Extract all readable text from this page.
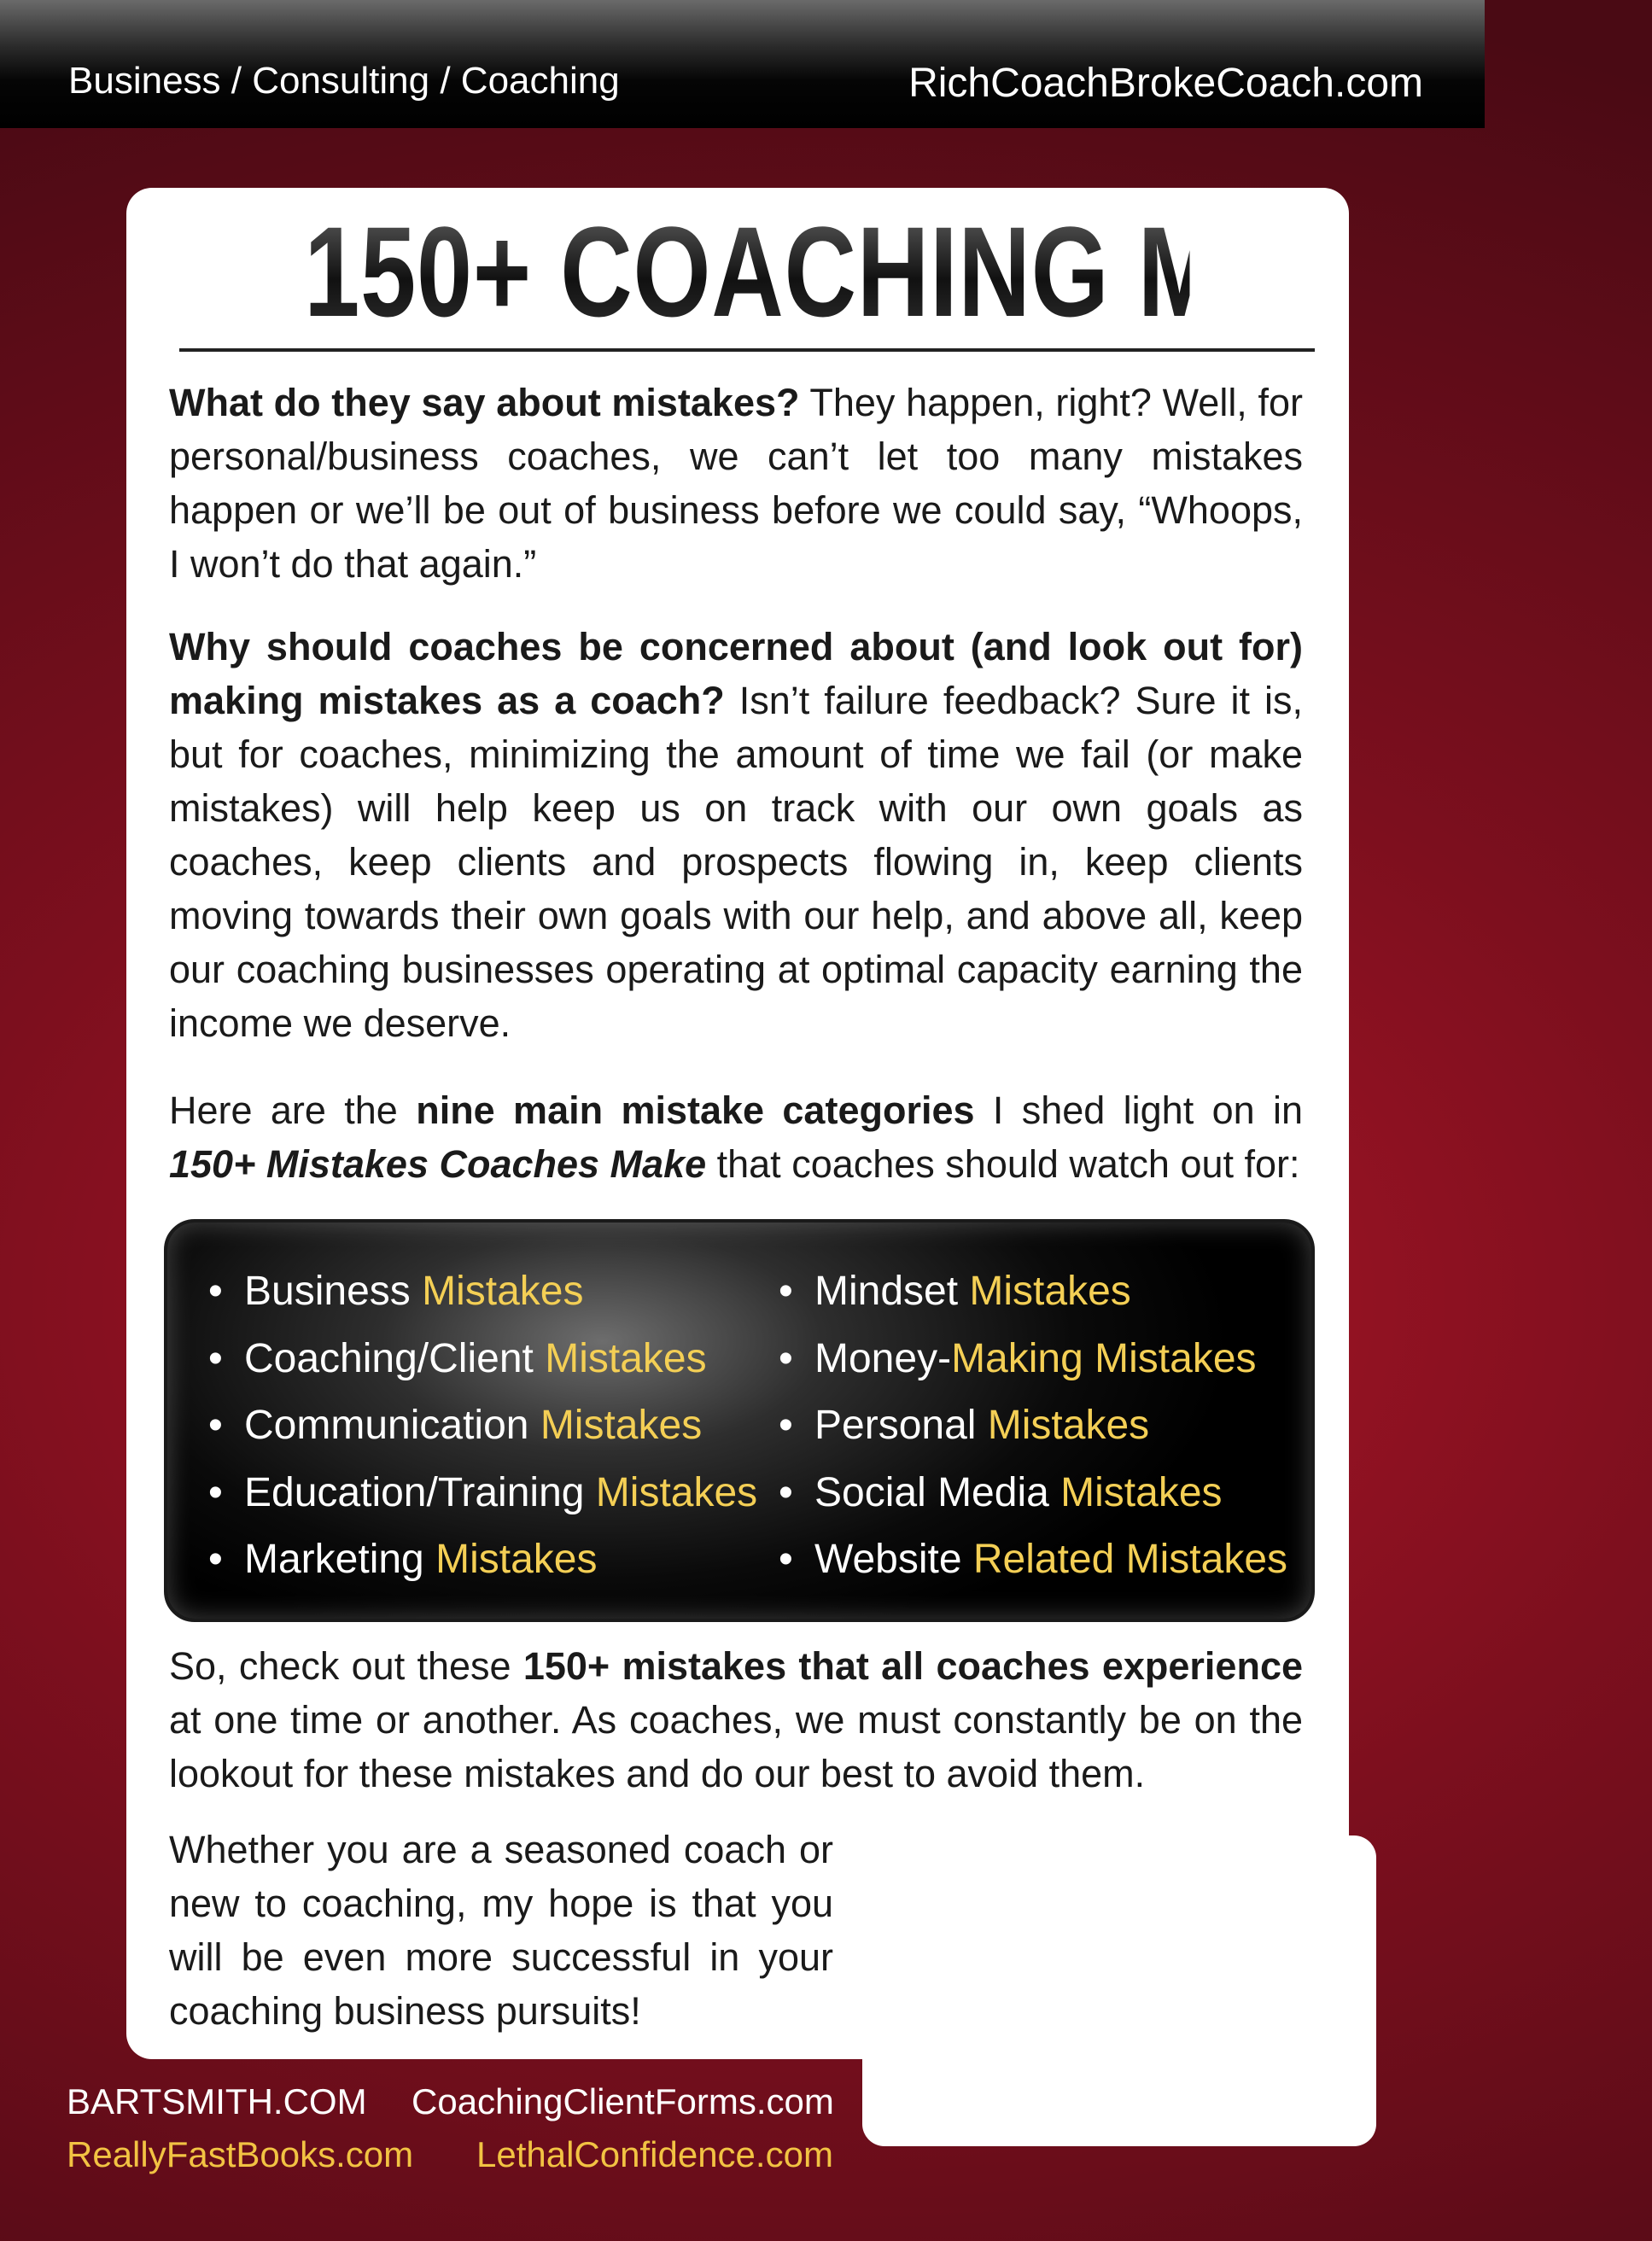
Business / Consulting / Coaching	RichCoachBrokeCoach.com
150+ COACHING MISTAKES

What do they say about mistakes? They happen, right? Well, for personal/business coaches, we can’t let too many mistakes happen or we’ll be out of business before we could say, “Whoops, I won’t do that again.”

Why should coaches be concerned about (and look out for) making mistakes as a coach? Isn’t failure feedback? Sure it is, but for coaches, minimizing the amount of time we fail (or make mistakes) will help keep us on track with our own goals as coaches, keep clients and prospects flowing in, keep clients moving towards their own goals with our help, and above all, keep our coaching businesses operating at optimal capacity earning the income we deserve.

Here are the nine main mistake categories I shed light on in 150+ Mistakes Coaches Make that coaches should watch out for:

• Business Mistakes
• Coaching/Client Mistakes
• Communication Mistakes
• Education/Training Mistakes
• Marketing Mistakes
• Mindset Mistakes
• Money-Making Mistakes
• Personal Mistakes
• Social Media Mistakes
• Website Related Mistakes

So, check out these 150+ mistakes that all coaches experience at one time or another. As coaches, we must constantly be on the lookout for these mistakes and do our best to avoid them.

Whether you are a seasoned coach or new to coaching, my hope is that you will be even more successful in your coaching business pursuits!

BARTSMITH.COM CoachingClientForms.com
ReallyFastBooks.com LethalConfidence.com
